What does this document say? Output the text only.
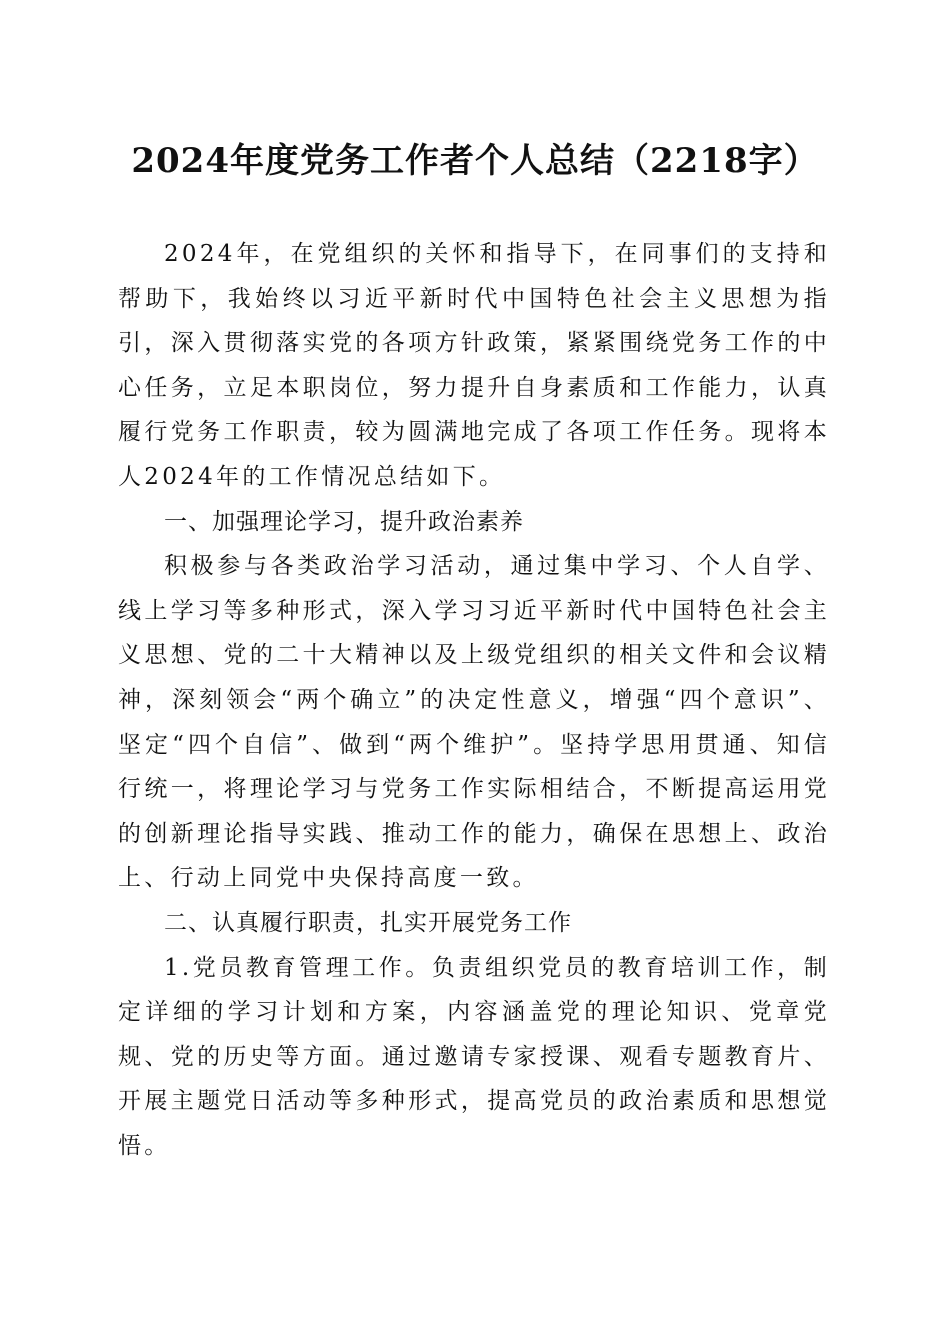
2024年度党务工作者个人总结（2218字）

2024年，在党组织的关怀和指导下，在同事们的支持和帮助下，我始终以习近平新时代中国特色社会主义思想为指引，深入贯彻落实党的各项方针政策，紧紧围绕党务工作的中心任务，立足本职岗位，努力提升自身素质和工作能力，认真履行党务工作职责，较为圆满地完成了各项工作任务。现将本人2024年的工作情况总结如下。

一、加强理论学习，提升政治素养

积极参与各类政治学习活动，通过集中学习、个人自学、线上学习等多种形式，深入学习习近平新时代中国特色社会主义思想、党的二十大精神以及上级党组织的相关文件和会议精神，深刻领会“两个确立”的决定性意义，增强“四个意识”、坚定“四个自信”、做到“两个维护”。坚持学思用贯通、知信行统一，将理论学习与党务工作实际相结合，不断提高运用党的创新理论指导实践、推动工作的能力，确保在思想上、政治上、行动上同党中央保持高度一致。

二、认真履行职责，扎实开展党务工作

1.党员教育管理工作。负责组织党员的教育培训工作，制定详细的学习计划和方案，内容涵盖党的理论知识、党章党规、党的历史等方面。通过邀请专家授课、观看专题教育片、开展主题党日活动等多种形式，提高党员的政治素质和思想觉悟。
